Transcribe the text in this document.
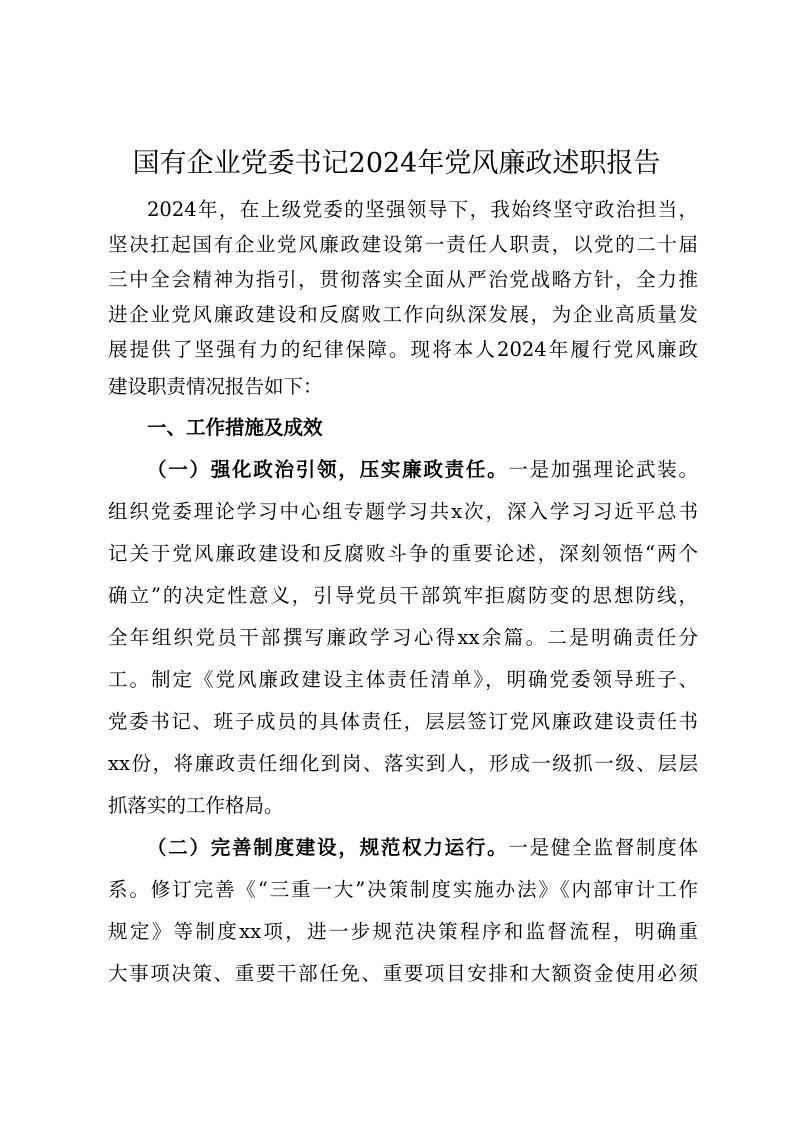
国有企业党委书记2024年党风廉政述职报告
2024年，在上级党委的坚强领导下，我始终坚守政治担当，
坚决扛起国有企业党风廉政建设第一责任人职责，以党的二十届
三中全会精神为指引，贯彻落实全面从严治党战略方针，全力推
进企业党风廉政建设和反腐败工作向纵深发展，为企业高质量发
展提供了坚强有力的纪律保障。现将本人2024年履行党风廉政
建设职责情况报告如下：
一、工作措施及成效
（一）强化政治引领，压实廉政责任。一是加强理论武装。
组织党委理论学习中心组专题学习共x次，深入学习习近平总书
记关于党风廉政建设和反腐败斗争的重要论述，深刻领悟“两个
确立”的决定性意义，引导党员干部筑牢拒腐防变的思想防线，
全年组织党员干部撰写廉政学习心得xx余篇。二是明确责任分
工。制定《党风廉政建设主体责任清单》，明确党委领导班子、
党委书记、班子成员的具体责任，层层签订党风廉政建设责任书
xx份，将廉政责任细化到岗、落实到人，形成一级抓一级、层层
抓落实的工作格局。
（二）完善制度建设，规范权力运行。一是健全监督制度体
系。修订完善《“三重一大”决策制度实施办法》《内部审计工作
规定》等制度xx项，进一步规范决策程序和监督流程，明确重
大事项决策、重要干部任免、重要项目安排和大额资金使用必须
